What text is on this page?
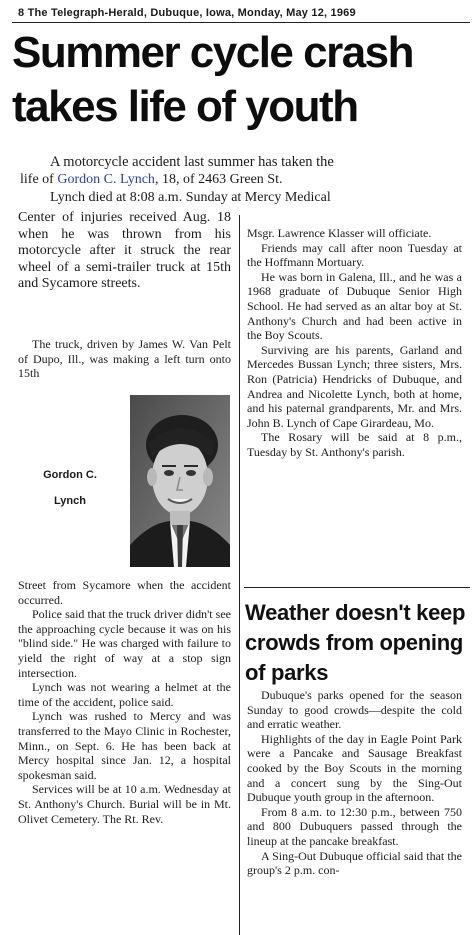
8 The Telegraph-Herald, Dubuque, Iowa, Monday, May 12, 1969
Summer cycle crash
takes life of youth

A motorcycle accident last summer has taken the

life of Gordon C. Lynch, 18, of 2463 Green St.

Lynch died at 8:08 a.m. Sunday at Mercy Medical

Center of injuries received Aug. 18 when he was thrown from his motorcycle after it struck the rear wheel of a semi-trailer truck at 15th and Sycamore streets.

The truck, driven by James W. Van Pelt of Dupo, Ill., was making a left turn onto 15th

Gordon C.
Lynch

Street from Sycamore when the accident occurred.

Police said that the truck driver didn't see the approaching cycle because it was on his "blind side." He was charged with failure to yield the right of way at a stop sign intersection.

Lynch was not wearing a helmet at the time of the accident, police said.

Lynch was rushed to Mercy and was transferred to the Mayo Clinic in Rochester, Minn., on Sept. 6. He has been back at Mercy hospital since Jan. 12, a hospital spokesman said.

Services will be at 10 a.m. Wednesday at St. Anthony's Church. Burial will be in Mt. Olivet Cemetery. The Rt. Rev.

Msgr. Lawrence Klasser will officiate.

Friends may call after noon Tuesday at the Hoffmann Mortuary.

He was born in Galena, Ill., and he was a 1968 graduate of Dubuque Senior High School. He had served as an altar boy at St. Anthony's Church and had been active in the Boy Scouts.

Surviving are his parents, Garland and Mercedes Bussan Lynch; three sisters, Mrs. Ron (Patricia) Hendricks of Dubuque, and Andrea and Nicolette Lynch, both at home, and his paternal grandparents, Mr. and Mrs. John B. Lynch of Cape Girardeau, Mo.

The Rosary will be said at 8 p.m., Tuesday by St. Anthony's parish.

Weather doesn't keep crowds from opening of parks

Dubuque's parks opened for the season Sunday to good crowds—despite the cold and erratic weather.

Highlights of the day in Eagle Point Park were a Pancake and Sausage Breakfast cooked by the Boy Scouts in the morning and a concert sung by the Sing-Out Dubuque youth group in the afternoon.

From 8 a.m. to 12:30 p.m., between 750 and 800 Dubuquers passed through the lineup at the pancake breakfast.

A Sing-Out Dubuque official said that the group's 2 p.m. con-
